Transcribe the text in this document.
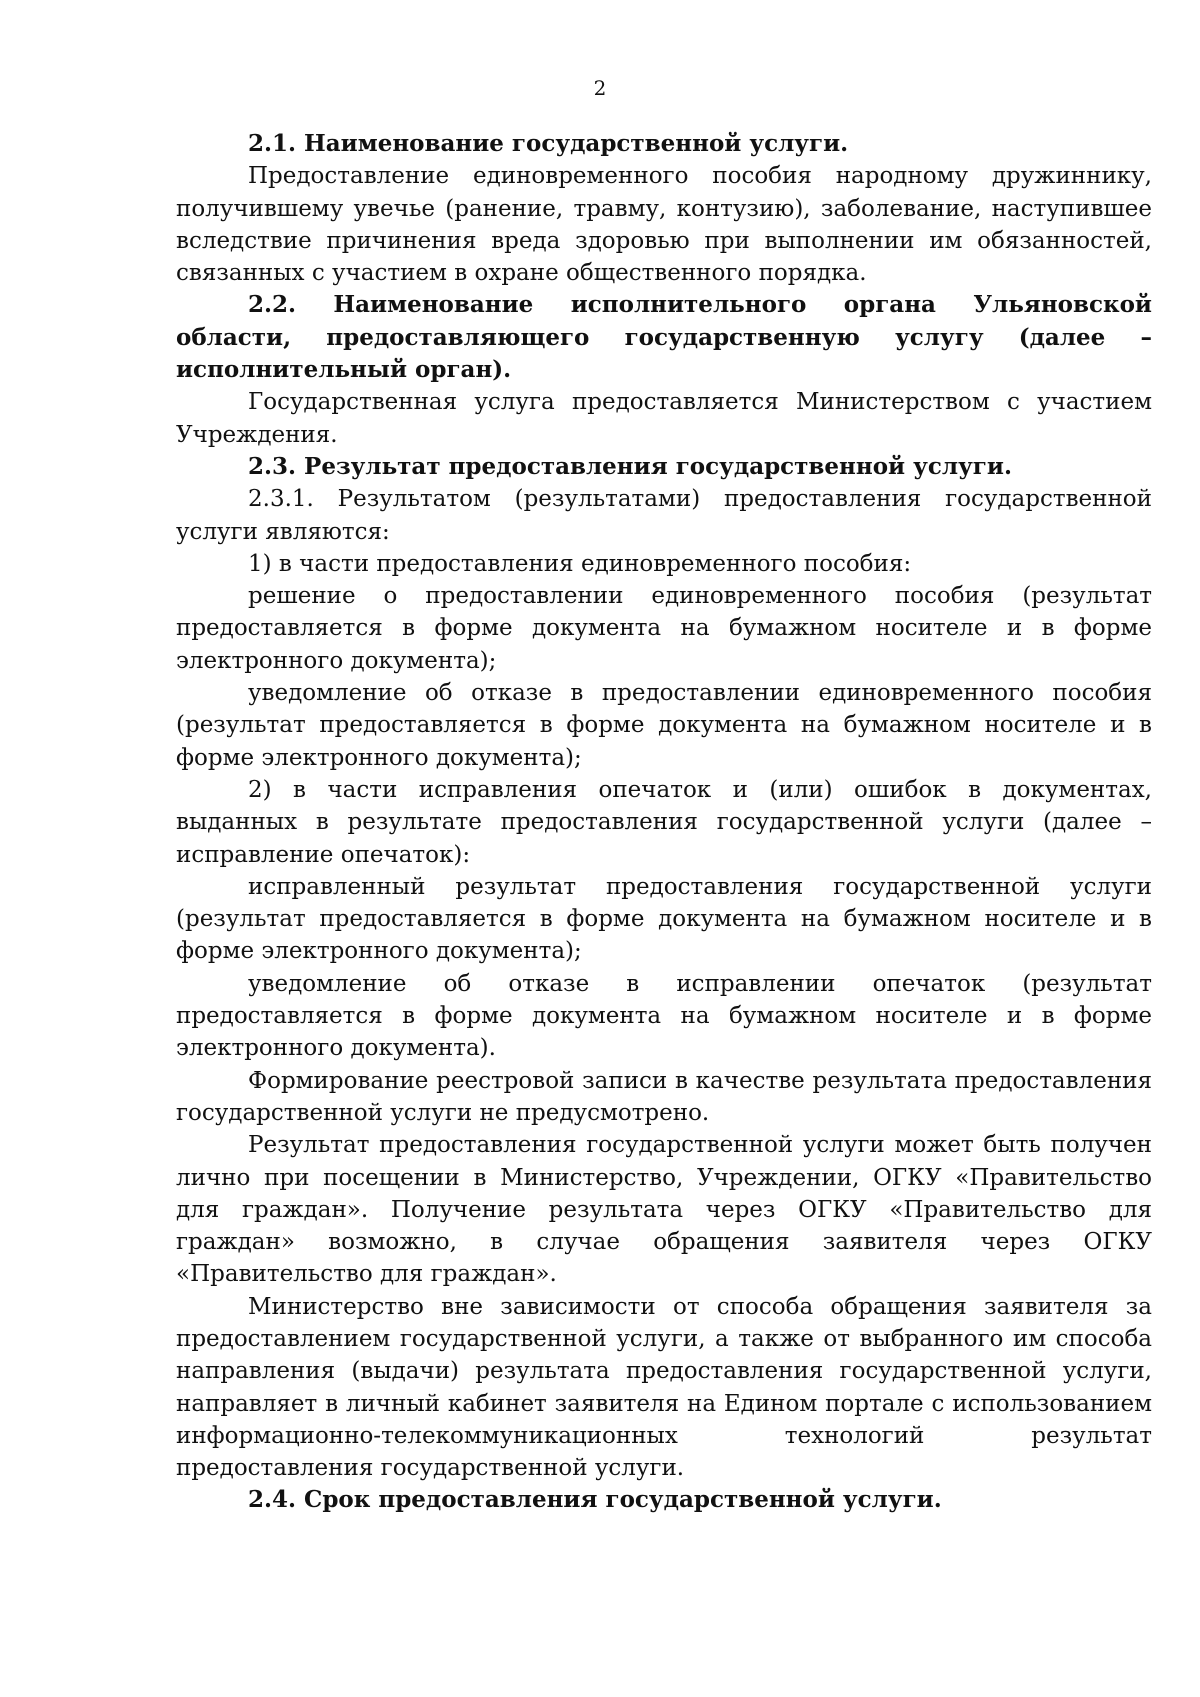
2

2.1. Наименование государственной услуги.

Предоставление единовременного пособия народному дружиннику, получившему увечье (ранение, травму, контузию), заболевание, наступившее вследствие причинения вреда здоровью при выполнении им обязанностей, связанных с участием в охране общественного порядка.

2.2. Наименование исполнительного органа Ульяновской области, предоставляющего государственную услугу (далее – исполнительный орган).

Государственная услуга предоставляется Министерством с участием Учреждения.

2.3. Результат предоставления государственной услуги.

2.3.1. Результатом (результатами) предоставления государственной услуги являются:

1) в части предоставления единовременного пособия:

решение о предоставлении единовременного пособия (результат предоставляется в форме документа на бумажном носителе и в форме электронного документа);

уведомление об отказе в предоставлении единовременного пособия (результат предоставляется в форме документа на бумажном носителе и в форме электронного документа);

2) в части исправления опечаток и (или) ошибок в документах, выданных в результате предоставления государственной услуги (далее – исправление опечаток):

исправленный результат предоставления государственной услуги (результат предоставляется в форме документа на бумажном носителе и в форме электронного документа);

уведомление об отказе в исправлении опечаток (результат предоставляется в форме документа на бумажном носителе и в форме электронного документа).

Формирование реестровой записи в качестве результата предоставления государственной услуги не предусмотрено.

Результат предоставления государственной услуги может быть получен лично при посещении в Министерство, Учреждении, ОГКУ «Правительство для граждан». Получение результата через ОГКУ «Правительство для граждан» возможно, в случае обращения заявителя через ОГКУ «Правительство для граждан».

Министерство вне зависимости от способа обращения заявителя за предоставлением государственной услуги, а также от выбранного им способа направления (выдачи) результата предоставления государственной услуги, направляет в личный кабинет заявителя на Едином портале с использованием информационно-телекоммуникационных технологий результат предоставления государственной услуги.

2.4. Срок предоставления государственной услуги.
